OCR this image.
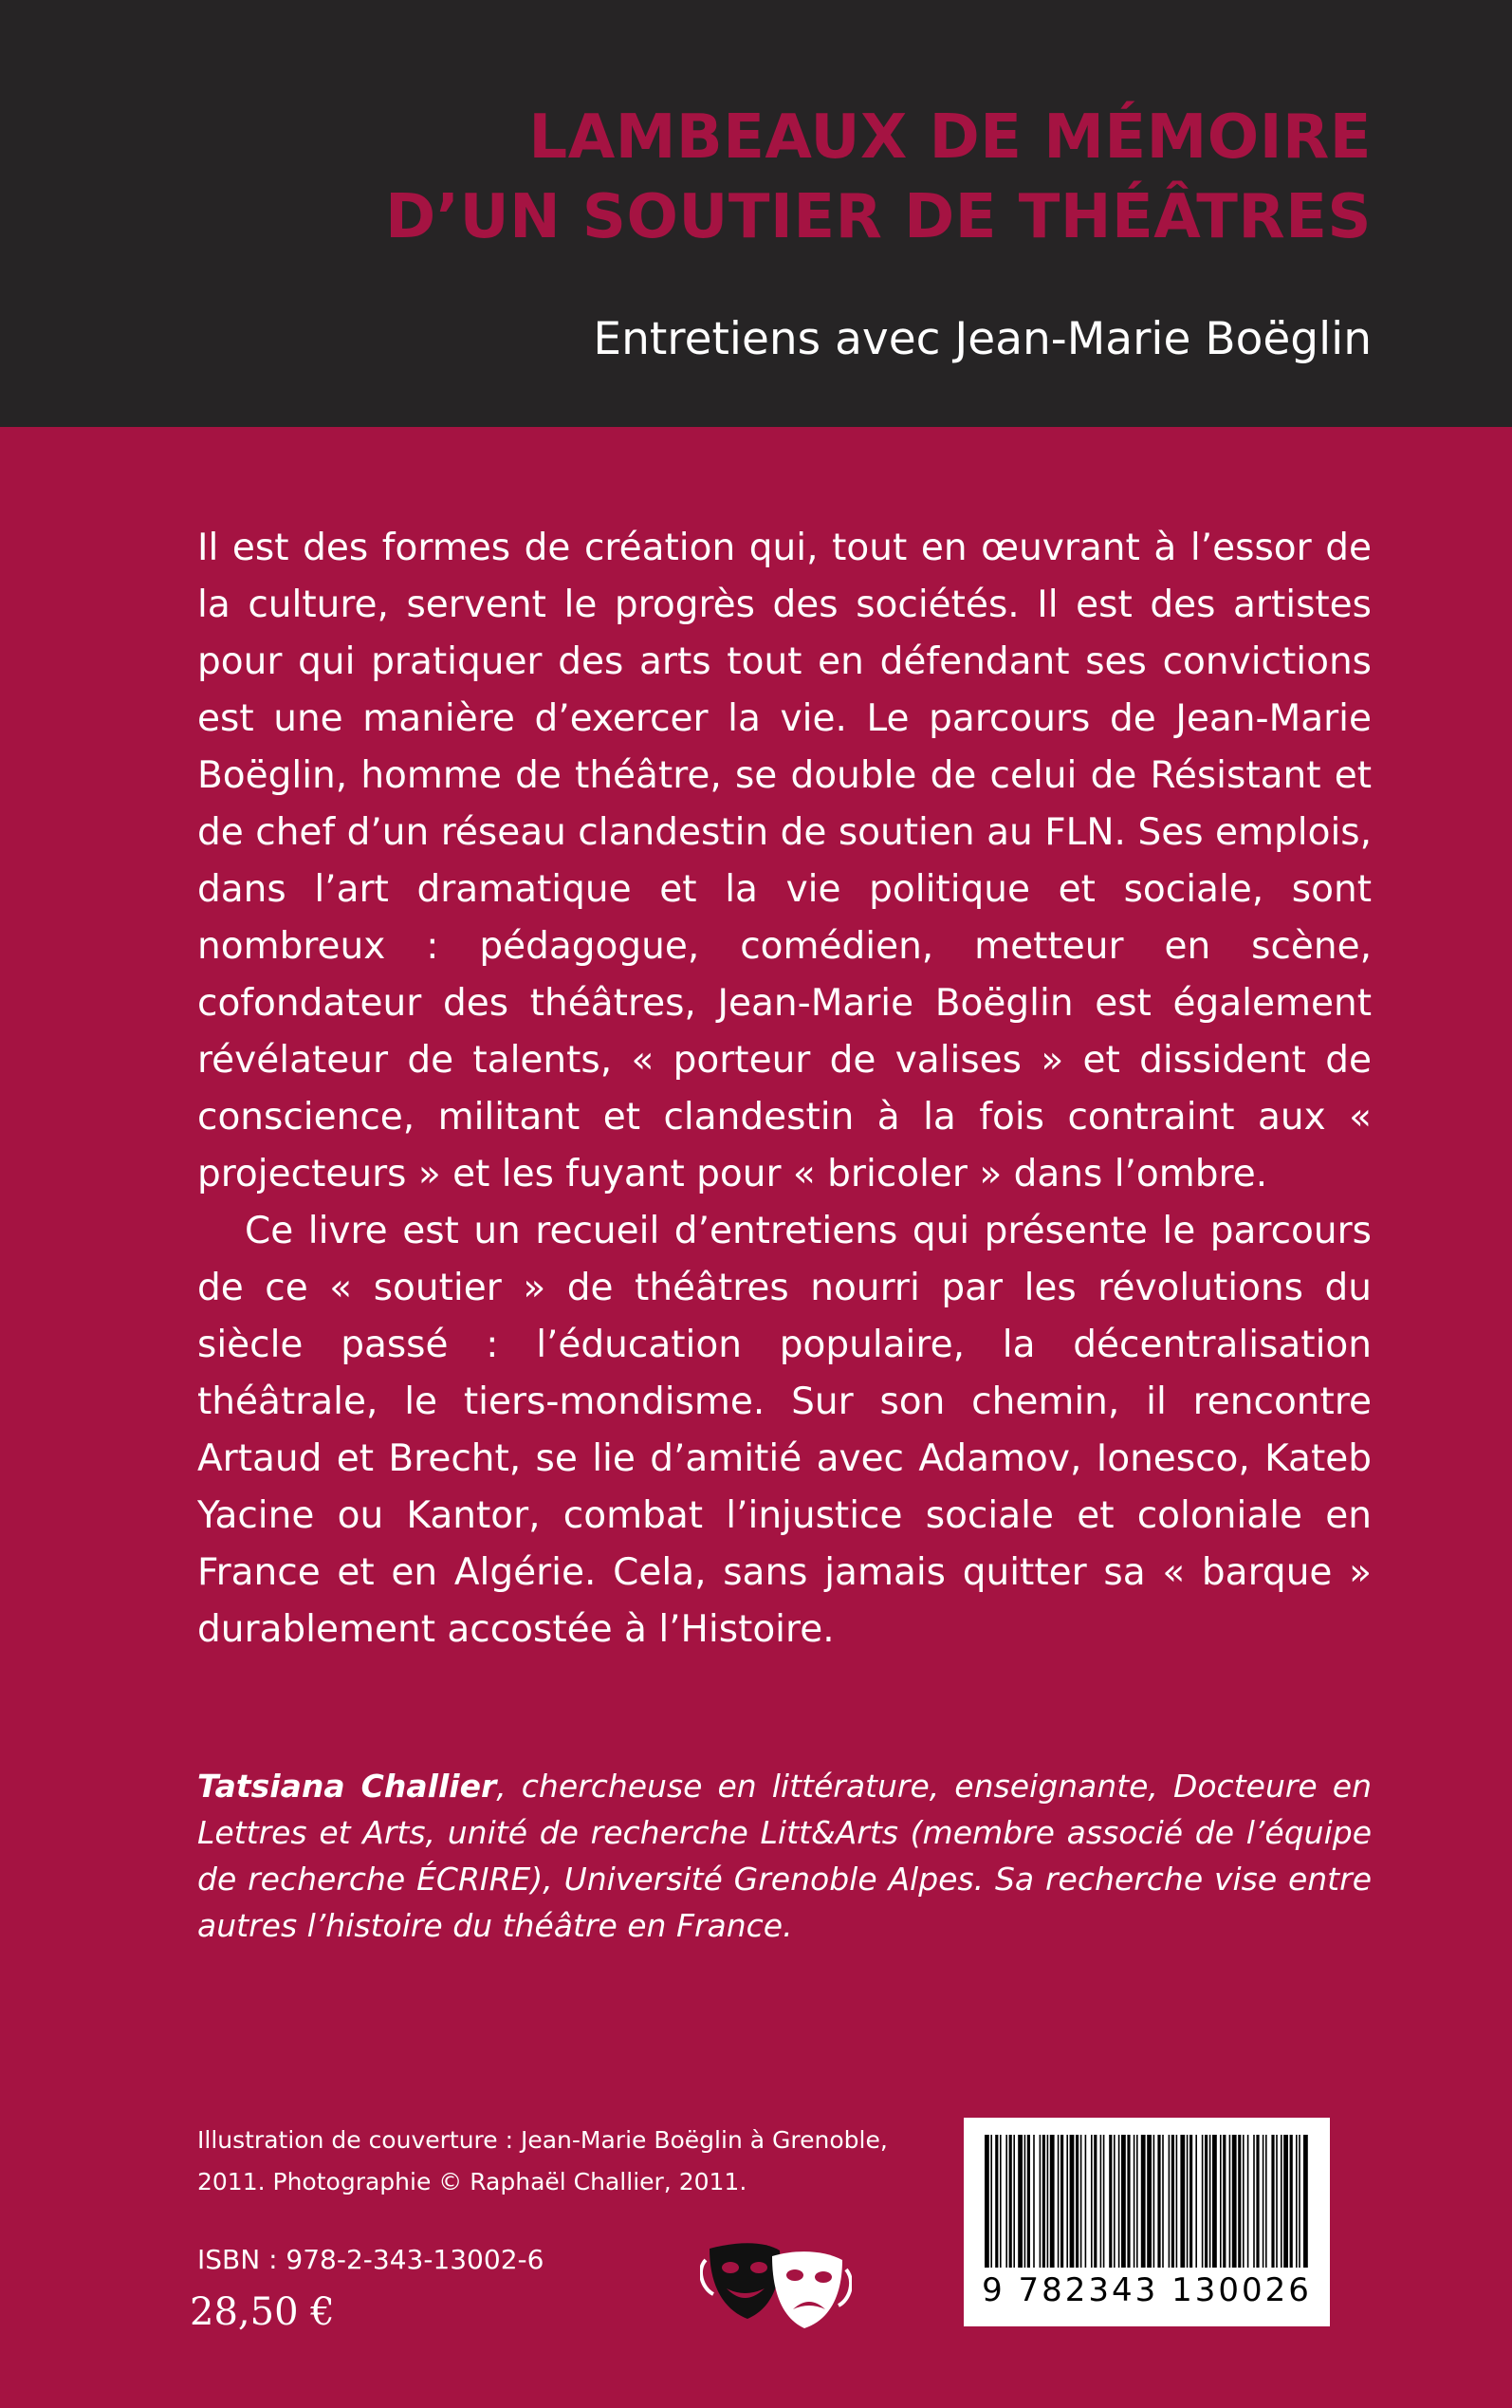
LAMBEAUX DE MÉMOIRE
D’UN SOUTIER DE THÉÂTRES
Entretiens avec Jean-Marie Boëglin

Il est des formes de création qui, tout en œuvrant à l’essor de la culture, servent le progrès des sociétés. Il est des artistes pour qui pratiquer des arts tout en défendant ses convictions est une manière d’exercer la vie. Le parcours de Jean-Marie Boëglin, homme de théâtre, se double de celui de Résistant et de chef d’un réseau clandestin de soutien au FLN. Ses emplois, dans l’art dramatique et la vie politique et sociale, sont nombreux : pédagogue, comédien, metteur en scène, cofondateur des théâtres, Jean-Marie Boëglin est également révélateur de talents, « porteur de valises » et dissident de conscience, militant et clandestin à la fois contraint aux « projecteurs » et les fuyant pour « bricoler » dans l’ombre.

Ce livre est un recueil d’entretiens qui présente le parcours de ce « soutier » de théâtres nourri par les révolutions du siècle passé : l’éducation populaire, la décentralisation théâtrale, le tiers-mondisme. Sur son chemin, il rencontre Artaud et Brecht, se lie d’amitié avec Adamov, Ionesco, Kateb Yacine ou Kantor, combat l’injustice sociale et coloniale en France et en Algérie. Cela, sans jamais quitter sa « barque » durablement accostée à l’Histoire.

Tatsiana Challier, chercheuse en littérature, enseignante, Docteure en Lettres et Arts, unité de recherche Litt&Arts (membre associé de l’équipe de recherche ÉCRIRE), Université Grenoble Alpes. Sa recherche vise entre autres l’histoire du théâtre en France.

Illustration de couverture : Jean-Marie Boëglin à Grenoble,
2011. Photographie © Raphaël Challier, 2011.
ISBN : 978-2-343-13002-6
28,50 €	9 782343 130026
